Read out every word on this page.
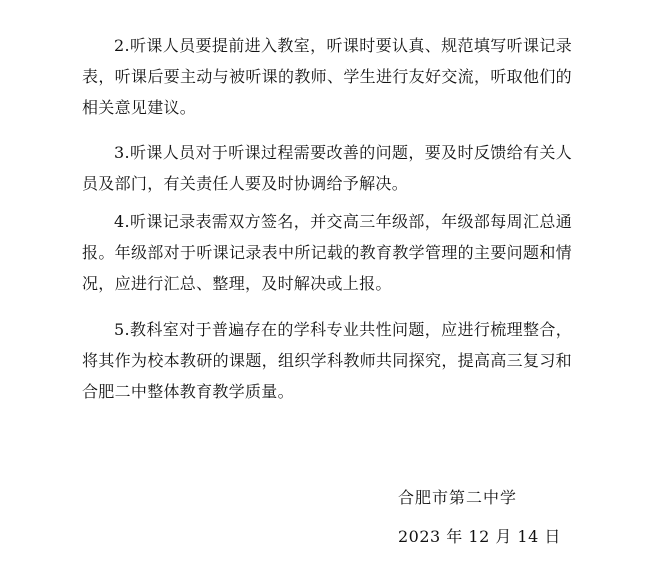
2.听课人员要提前进入教室，听课时要认真、规范填写听课记录表，听课后要主动与被听课的教师、学生进行友好交流，听取他们的相关意见建议。

3.听课人员对于听课过程需要改善的问题，要及时反馈给有关人员及部门，有关责任人要及时协调给予解决。

4.听课记录表需双方签名，并交高三年级部，年级部每周汇总通报。年级部对于听课记录表中所记载的教育教学管理的主要问题和情况，应进行汇总、整理，及时解决或上报。

5.教科室对于普遍存在的学科专业共性问题，应进行梳理整合，将其作为校本教研的课题，组织学科教师共同探究，提高高三复习和合肥二中整体教育教学质量。

合肥市第二中学
2023 年 12 月 14 日
